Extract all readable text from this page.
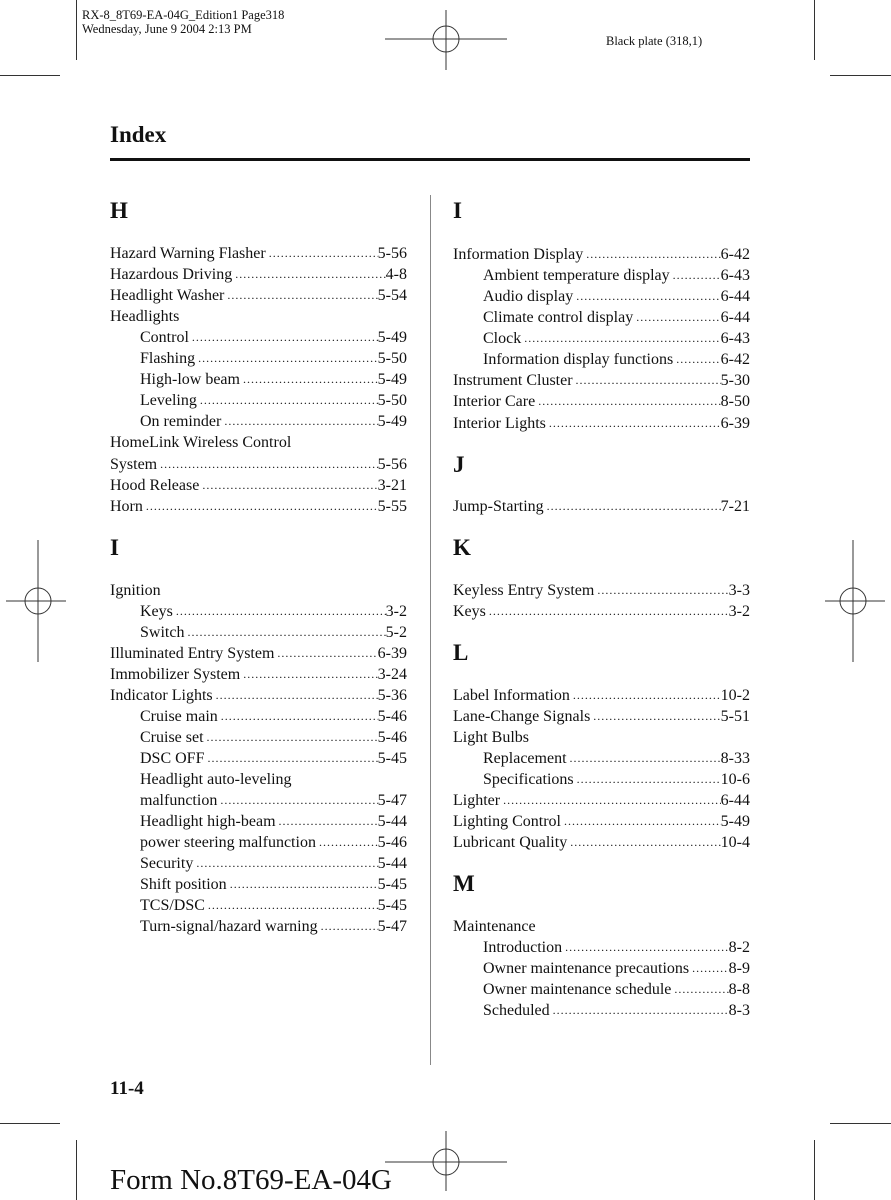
RX-8_8T69-EA-04G_Edition1 Page318
Wednesday, June 9 2004 2:13 PM
Black plate (318,1)
Index
H
Hazard Warning Flasher .....	5-56
Hazardous Driving .....	4-8
Headlight Washer .....	5-54
Headlights
Control .....	5-49
Flashing .....	5-50
High-low beam .....	5-49
Leveling .....	5-50
On reminder .....	5-49
HomeLink Wireless Control
System .....	5-56
Hood Release .....	3-21
Horn .....	5-55
I
Ignition
Keys .....	3-2
Switch .....	5-2
Illuminated Entry System .....	6-39
Immobilizer System .....	3-24
Indicator Lights .....	5-36
Cruise main .....	5-46
Cruise set .....	5-46
DSC OFF .....	5-45
Headlight auto-leveling
malfunction .....	5-47
Headlight high-beam .....	5-44
power steering malfunction .....	5-46
Security .....	5-44
Shift position .....	5-45
TCS/DSC .....	5-45
Turn-signal/hazard warning .....	5-47
I
Information Display .....	6-42
Ambient temperature display .....	6-43
Audio display .....	6-44
Climate control display .....	6-44
Clock .....	6-43
Information display functions .....	6-42
Instrument Cluster .....	5-30
Interior Care .....	8-50
Interior Lights .....	6-39
J
Jump-Starting .....	7-21
K
Keyless Entry System .....	3-3
Keys .....	3-2
L
Label Information .....	10-2
Lane-Change Signals .....	5-51
Light Bulbs
Replacement .....	8-33
Specifications .....	10-6
Lighter .....	6-44
Lighting Control .....	5-49
Lubricant Quality .....	10-4
M
Maintenance
Introduction .....	8-2
Owner maintenance precautions ..... 8-9
Owner maintenance schedule .....	8-8
Scheduled .....	8-3
11-4
Form No.8T69-EA-04G
